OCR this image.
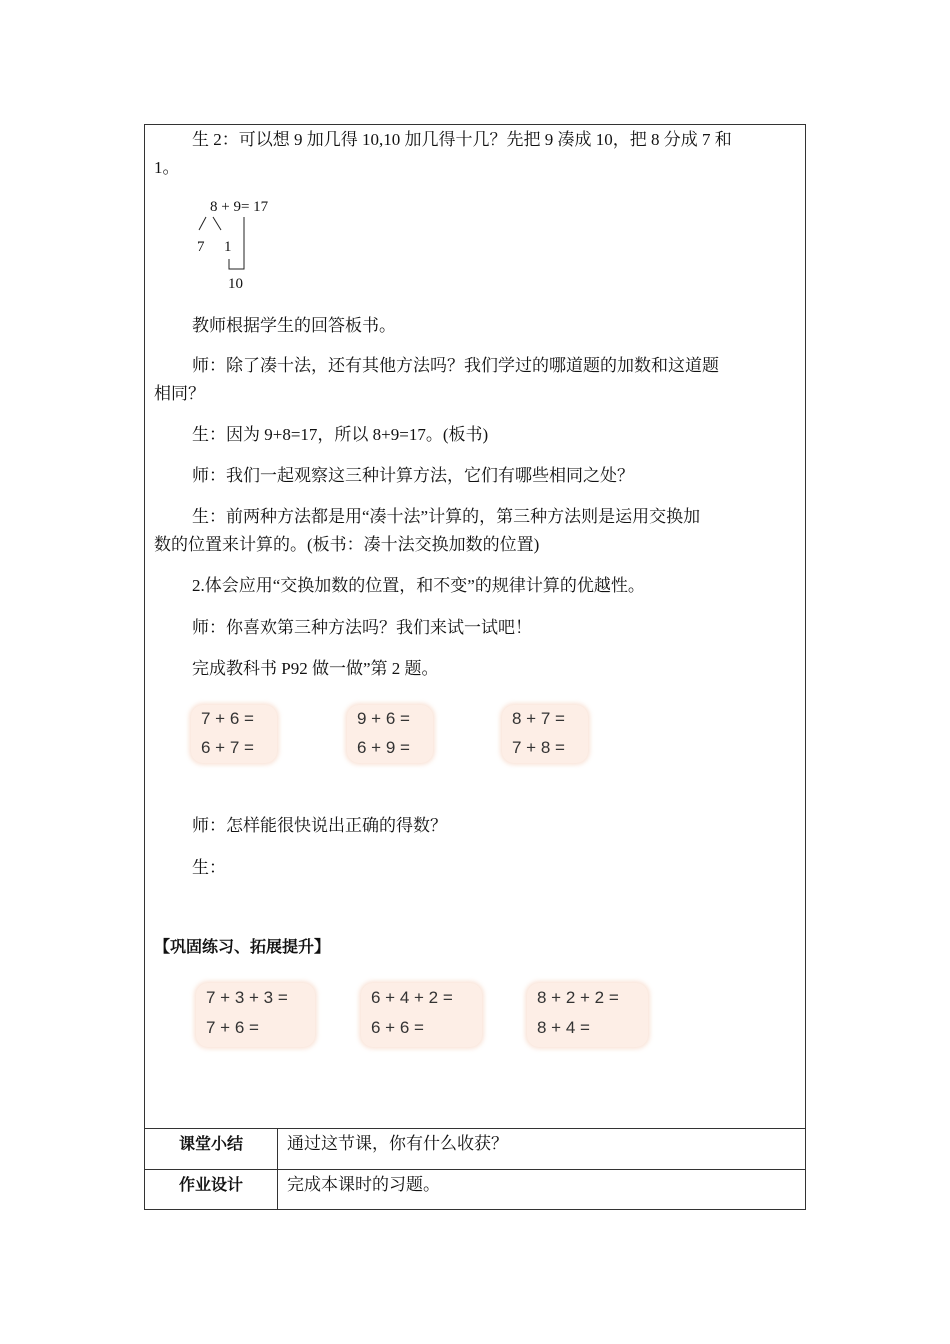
生 2：可以想 9 加几得 10,10 加几得十几？先把 9 凑成 10，把 8 分成 7 和
1。
8 + 9= 17
7 1
10
教师根据学生的回答板书。
师：除了凑十法，还有其他方法吗？我们学过的哪道题的加数和这道题
相同？
生：因为 9+8=17，所以 8+9=17。(板书)
师：我们一起观察这三种计算方法，它们有哪些相同之处？
生：前两种方法都是用“凑十法”计算的，第三种方法则是运用交换加
数的位置来计算的。(板书：凑十法交换加数的位置)
2.体会应用“交换加数的位置，和不变”的规律计算的优越性。
师：你喜欢第三种方法吗？我们来试一试吧！
完成教科书 P92 做一做”第 2 题。
7 + 6 =
6 + 7 =
9 + 6 =
6 + 9 =
8 + 7 =
7 + 8 =
师：怎样能很快说出正确的得数？
生：
【巩固练习、拓展提升】
7 + 3 + 3 =
7 + 6 =
6 + 4 + 2 =
6 + 6 =
8 + 2 + 2 =
8 + 4 =
课堂小结	通过这节课，你有什么收获？
作业设计	完成本课时的习题。
